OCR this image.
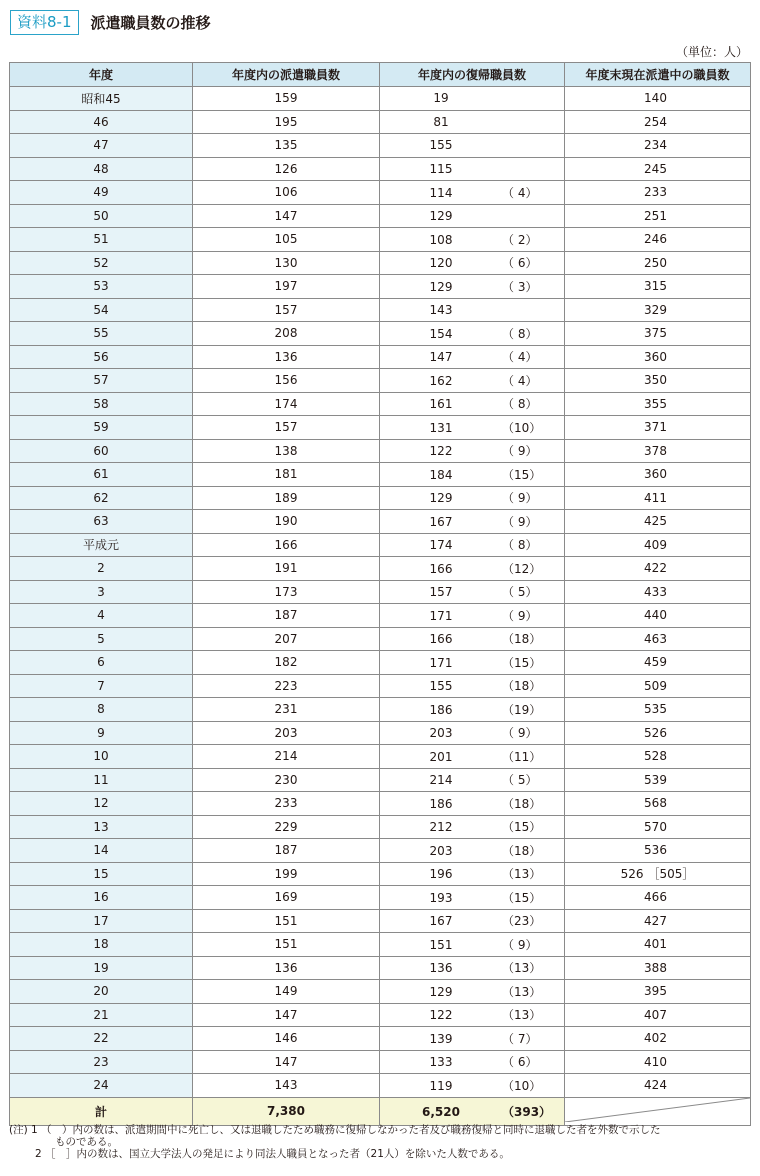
資料8-1	派遣職員数の推移
（単位：人）
年度	年度内の派遣職員数	年度内の復帰職員数	年度末現在派遣中の職員数
昭和45	159	19	140
46	195	81	254
47	135	155	234
48	126	115	245
49	106	114 （ 4）	233
50	147	129	251
51	105	108 （ 2）	246
52	130	120 （ 6）	250
53	197	129 （ 3）	315
54	157	143	329
55	208	154 （ 8）	375
56	136	147 （ 4）	360
57	156	162 （ 4）	350
58	174	161 （ 8）	355
59	157	131 （10）	371
60	138	122 （ 9）	378
61	181	184 （15）	360
62	189	129 （ 9）	411
63	190	167 （ 9）	425
平成元	166	174 （ 8）	409
2	191	166 （12）	422
3	173	157 （ 5）	433
4	187	171 （ 9）	440
5	207	166 （18）	463
6	182	171 （15）	459
7	223	155 （18）	509
8	231	186 （19）	535
9	203	203 （ 9）	526
10	214	201 （11）	528
11	230	214 （ 5）	539
12	233	186 （18）	568
13	229	212 （15）	570
14	187	203 （18）	536
15	199	196 （13）	526 ［505］
16	169	193 （15）	466
17	151	167 （23）	427
18	151	151 （ 9）	401
19	136	136 （13）	388
20	149	129 （13）	395
21	147	122 （13）	407
22	146	139 （ 7）	402
23	147	133 （ 6）	410
24	143	119 （10）	424
計	7,380	6,520 （393）	
(注) 1 （　）内の数は、派遣期間中に死亡し、又は退職したため職務に復帰しなかった者及び職務復帰と同時に退職した者を外数で示した
ものである。
2 ［　］内の数は、国立大学法人の発足により同法人職員となった者（21人）を除いた人数である。
